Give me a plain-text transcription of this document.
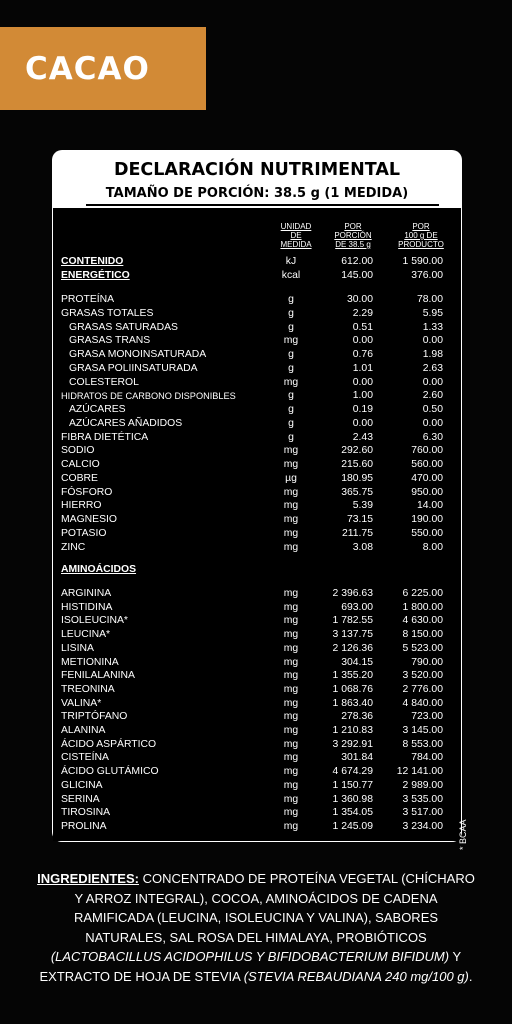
CACAO
DECLARACIÓN NUTRIMENTAL
TAMAÑO DE PORCIÓN: 38.5 g (1 MEDIDA)
UNIDAD
DE
MEDIDA
POR
PORCIÓN
DE 38.5 g
POR
100 g DE
PRODUCTO
CONTENIDO
ENERGÉTICO
kJ	612.00	1 590.00
kcal	145.00	376.00
PROTEÍNA	g	30.00	78.00
GRASAS TOTALES	g	2.29	5.95
GRASAS SATURADAS	g	0.51	1.33
GRASAS TRANS	mg	0.00	0.00
GRASA MONOINSATURADA	g	0.76	1.98
GRASA POLIINSATURADA	g	1.01	2.63
COLESTEROL	mg	0.00	0.00
HIDRATOS DE CARBONO DISPONIBLES	g	1.00	2.60
AZÚCARES	g	0.19	0.50
AZÚCARES AÑADIDOS	g	0.00	0.00
FIBRA DIETÉTICA	g	2.43	6.30
SODIO	mg	292.60	760.00
CALCIO	mg	215.60	560.00
COBRE	µg	180.95	470.00
FÓSFORO	mg	365.75	950.00
HIERRO	mg	5.39	14.00
MAGNESIO	mg	73.15	190.00
POTASIO	mg	211.75	550.00
ZINC	mg	3.08	8.00
AMINOÁCIDOS
ARGININA	mg	2 396.63	6 225.00
HISTIDINA	mg	693.00	1 800.00
ISOLEUCINA*	mg	1 782.55	4 630.00
LEUCINA*	mg	3 137.75	8 150.00
LISINA	mg	2 126.36	5 523.00
METIONINA	mg	304.15	790.00
FENILALANINA	mg	1 355.20	3 520.00
TREONINA	mg	1 068.76	2 776.00
VALINA*	mg	1 863.40	4 840.00
TRIPTÓFANO	mg	278.36	723.00
ALANINA	mg	1 210.83	3 145.00
ÁCIDO ASPÁRTICO	mg	3 292.91	8 553.00
CISTEÍNA	mg	301.84	784.00
ÁCIDO GLUTÁMICO	mg	4 674.29	12 141.00
GLICINA	mg	1 150.77	2 989.00
SERINA	mg	1 360.98	3 535.00
TIROSINA	mg	1 354.05	3 517.00
PROLINA	mg	1 245.09	3 234.00 * BCAA
INGREDIENTES: CONCENTRADO DE PROTEÍNA VEGETAL (CHÍCHARO Y ARROZ INTEGRAL), COCOA, AMINOÁCIDOS DE CADENA RAMIFICADA (LEUCINA, ISOLEUCINA Y VALINA), SABORES NATURALES, SAL ROSA DEL HIMALAYA, PROBIÓTICOS (LACTOBACILLUS ACIDOPHILUS Y BIFIDOBACTERIUM BIFIDUM) Y EXTRACTO DE HOJA DE STEVIA (STEVIA REBAUDIANA 240 mg/100 g).
